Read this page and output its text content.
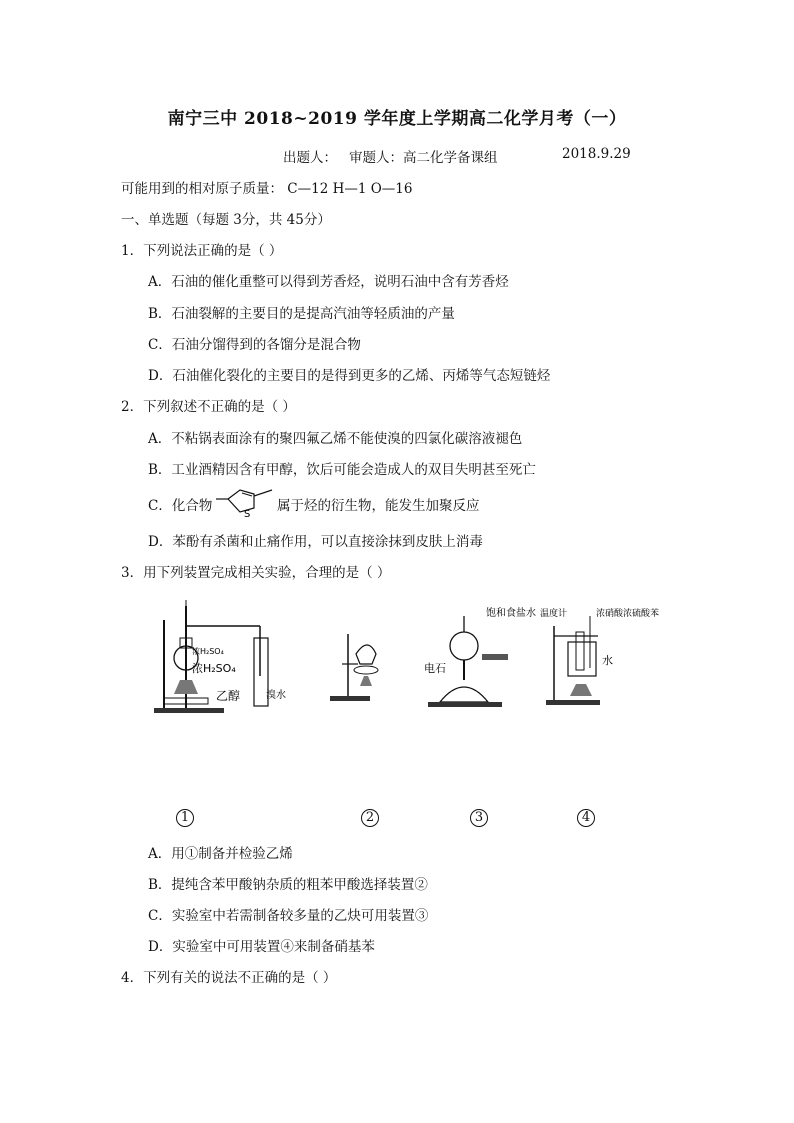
南宁三中 2018~2019 学年度上学期高二化学月考（一）
出题人： 审题人：高二化学备课组	2018.9.29
可能用到的相对原子质量： C—12 H—1 O—16
一、单选题（每题 3分，共 45分）
1．下列说法正确的是（ ）
A．石油的催化重整可以得到芳香烃，说明石油中含有芳香烃
B．石油裂解的主要目的是提高汽油等轻质油的产量
C．石油分馏得到的各馏分是混合物
D．石油催化裂化的主要目的是得到更多的乙烯、丙烯等气态短链烃
2．下列叙述不正确的是（ ）
A．不粘锅表面涂有的聚四氟乙烯不能使溴的四氯化碳溶液褪色
B．工业酒精因含有甲醇，饮后可能会造成人的双目失明甚至死亡
C．化合物
S
属于烃的衍生物，能发生加聚反应
D．苯酚有杀菌和止痛作用，可以直接涂抹到皮肤上消毒
3．用下列装置完成相关实验，合理的是（ ）
浓H₂SO₄
浓H₂SO₄
乙醇	溴水
饱和食盐水
电石
温度计	浓硝酸浓硫酸苯
水
1	2	3	4
A．用①制备并检验乙烯
B．提纯含苯甲酸钠杂质的粗苯甲酸选择装置②
C．实验室中若需制备较多量的乙炔可用装置③
D．实验室中可用装置④来制备硝基苯
4．下列有关的说法不正确的是（ ）
